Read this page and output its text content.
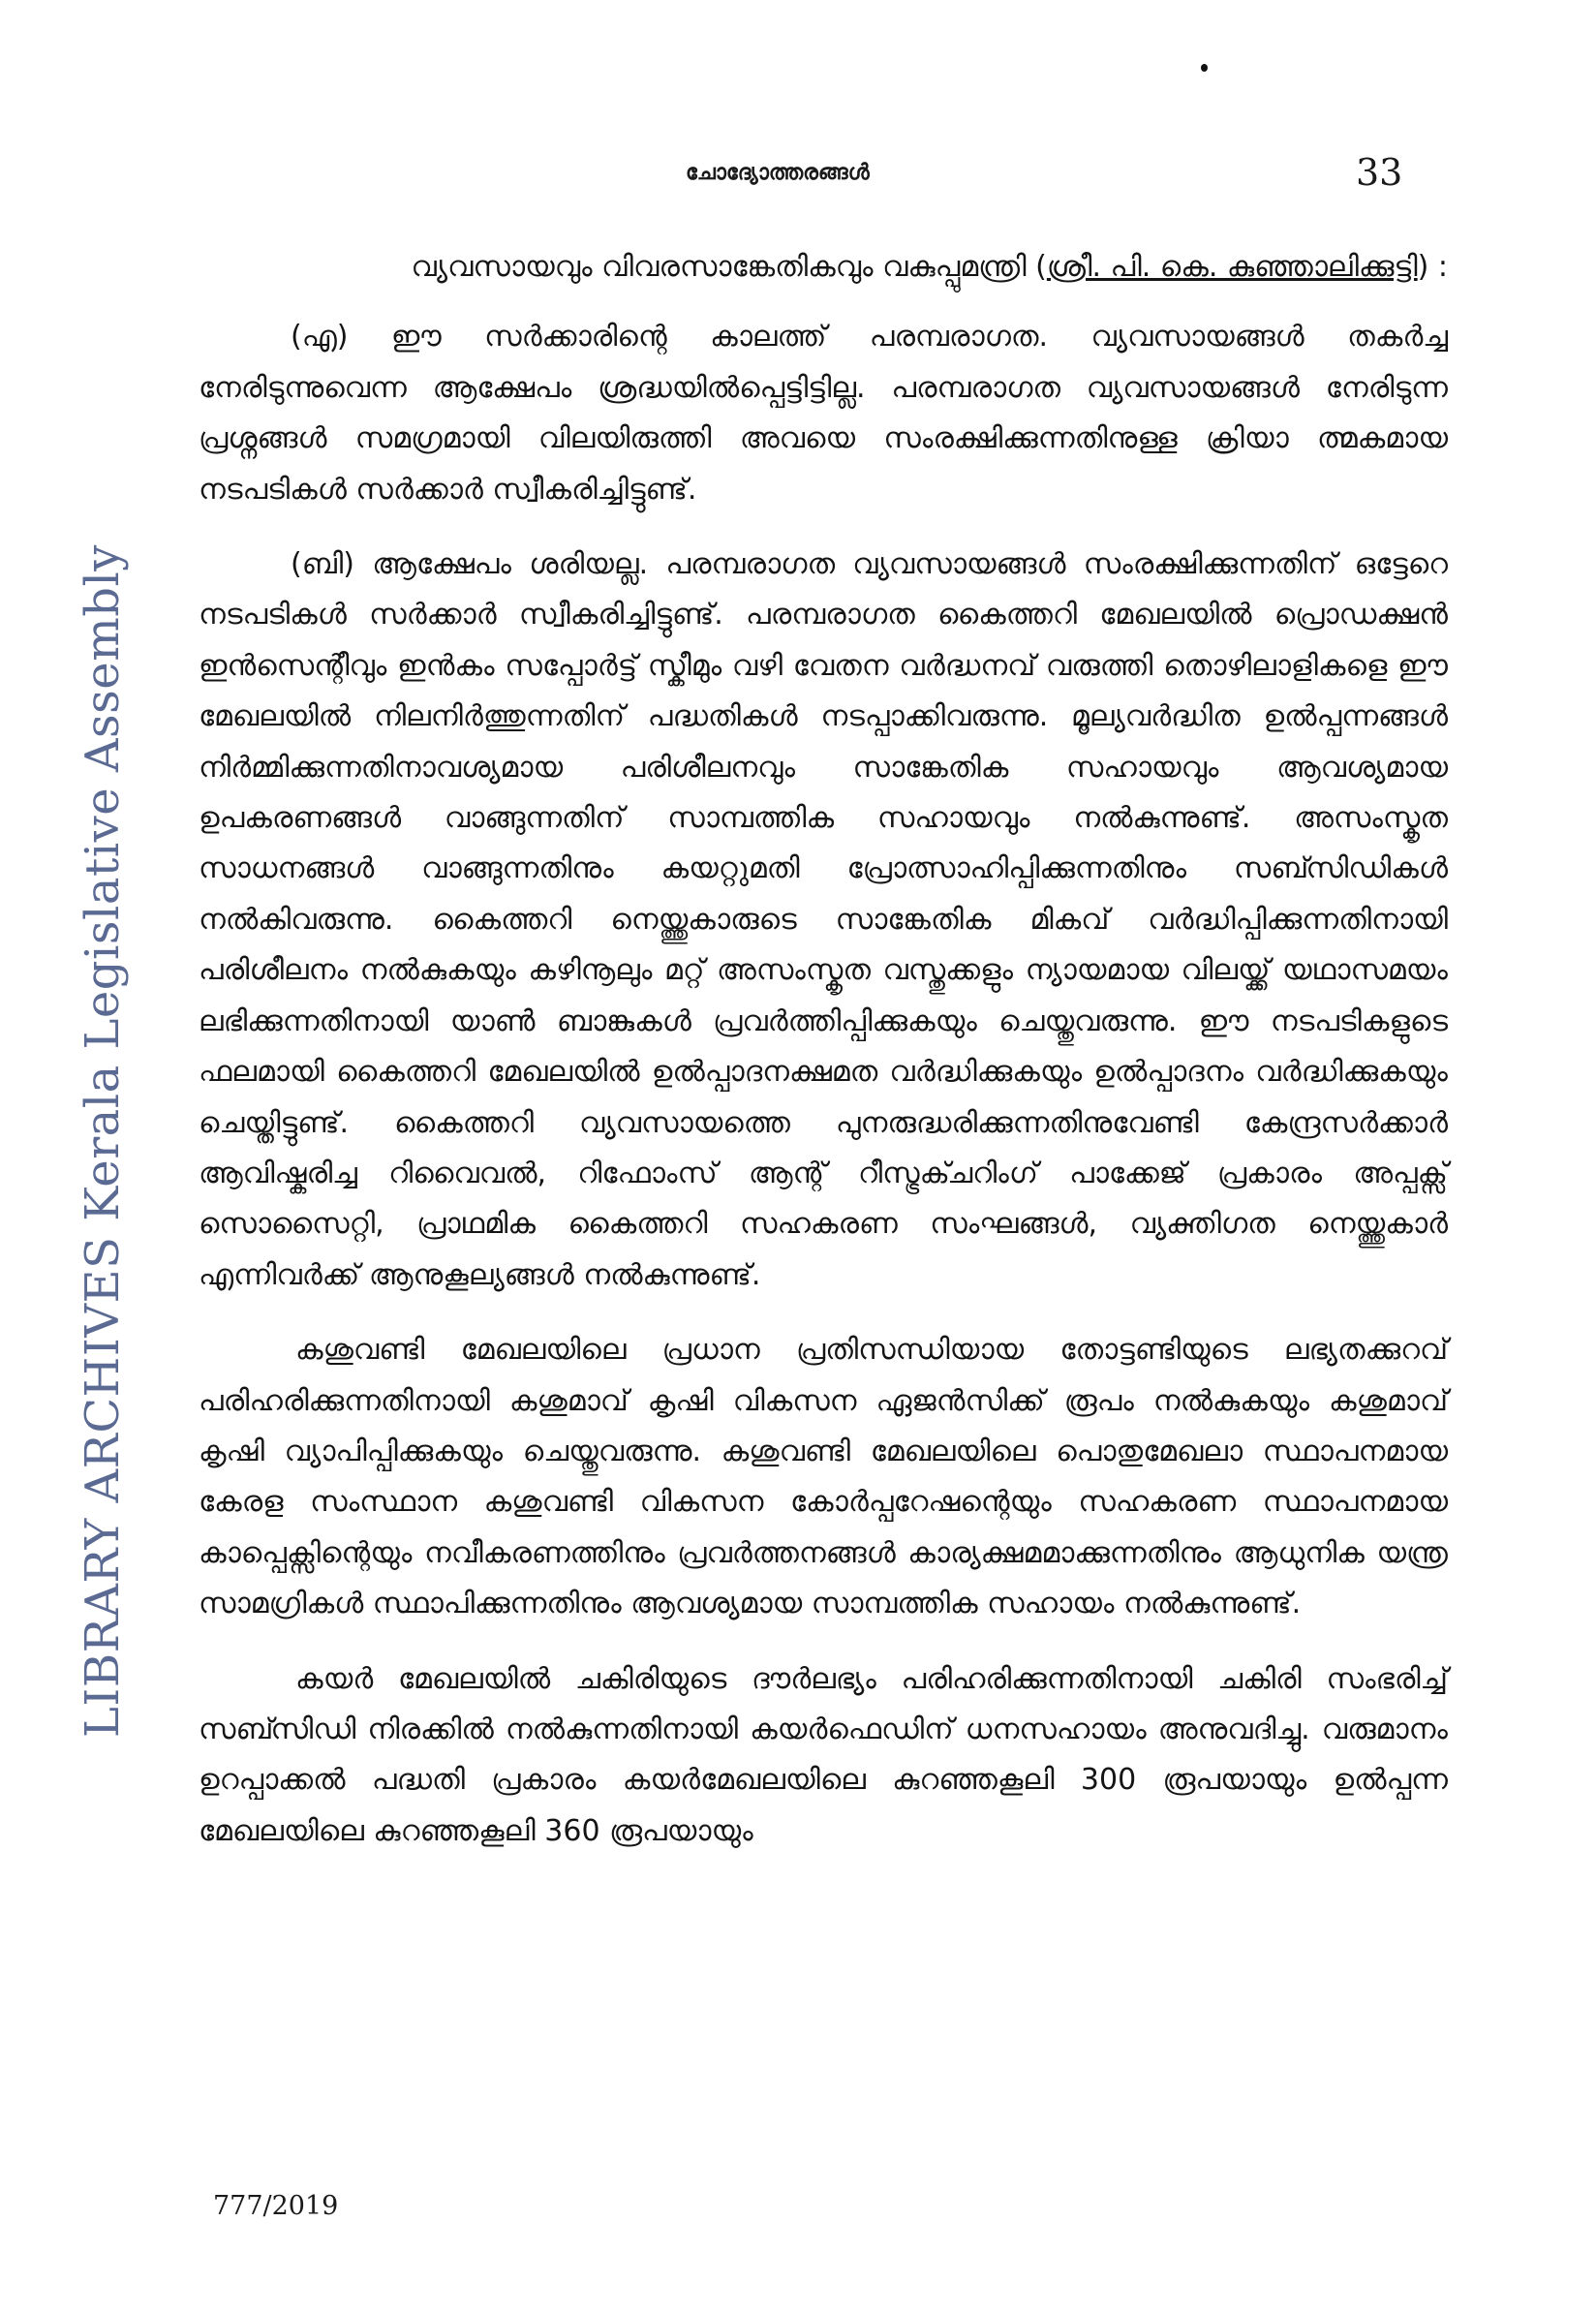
LIBRARY ARCHIVES Kerala Legislative Assembly
ചോദ്യോത്തരങ്ങൾ	33

വ്യവസായവും വിവരസാങ്കേതികവും വകുപ്പുമന്ത്രി (ശ്രീ. പി. കെ. കുഞ്ഞാലിക്കുട്ടി) :

(എ) ഈ സർക്കാരിന്റെ കാലത്ത് പരമ്പരാഗത. വ്യവസായങ്ങൾ തകർച്ച നേരിടുന്നുവെന്ന ആക്ഷേപം ശ്രദ്ധയിൽപ്പെട്ടിട്ടില്ല. പരമ്പരാഗത വ്യവസായങ്ങൾ നേരിടുന്ന പ്രശ്നങ്ങൾ സമഗ്രമായി വിലയിരുത്തി അവയെ സംരക്ഷിക്കുന്നതിനുള്ള ക്രിയാ ത്മകമായ നടപടികൾ സർക്കാർ സ്വീകരിച്ചിട്ടുണ്ട്.

(ബി) ആക്ഷേപം ശരിയല്ല. പരമ്പരാഗത വ്യവസായങ്ങൾ സംരക്ഷിക്കുന്നതിന് ഒട്ടേറെ നടപടികൾ സർക്കാർ സ്വീകരിച്ചിട്ടുണ്ട്. പരമ്പരാഗത കൈത്തറി മേഖലയിൽ പ്രൊഡക്ഷൻ ഇൻസെന്റീവും ഇൻകം സപ്പോർട്ട് സ്കീമും വഴി വേതന വർദ്ധനവ് വരുത്തി തൊഴിലാളികളെ ഈ മേഖലയിൽ നിലനിർത്തുന്നതിന് പദ്ധതികൾ നടപ്പാക്കിവരുന്നു. മൂല്യവർദ്ധിത ഉൽപ്പന്നങ്ങൾ നിർമ്മിക്കുന്നതിനാവശ്യമായ പരിശീലനവും സാങ്കേതിക സഹായവും ആവശ്യമായ ഉപകരണങ്ങൾ വാങ്ങുന്നതിന് സാമ്പത്തിക സഹായവും നൽകുന്നുണ്ട്. അസംസ്കൃത സാധനങ്ങൾ വാങ്ങുന്നതിനും കയറ്റുമതി പ്രോത്സാഹിപ്പിക്കുന്നതിനും സബ്സിഡികൾ നൽകിവരുന്നു. കൈത്തറി നെയ്ത്തുകാരുടെ സാങ്കേതിക മികവ് വർദ്ധിപ്പിക്കുന്നതിനായി പരിശീലനം നൽകുകയും കഴിനൂലും മറ്റ് അസംസ്കൃത വസ്തുക്കളും ന്യായമായ വിലയ്ക്ക് യഥാസമയം ലഭിക്കുന്നതിനായി യാൺ ബാങ്കുകൾ പ്രവർത്തിപ്പിക്കുകയും ചെയ്തുവരുന്നു. ഈ നടപടികളുടെ ഫലമായി കൈത്തറി മേഖലയിൽ ഉൽപ്പാദനക്ഷമത വർദ്ധിക്കുകയും ഉൽപ്പാദനം വർദ്ധിക്കുകയും ചെയ്തിട്ടുണ്ട്. കൈത്തറി വ്യവസായത്തെ പുനരുദ്ധരിക്കുന്നതിനുവേണ്ടി കേന്ദ്രസർക്കാർ ആവിഷ്കരിച്ച റിവൈവൽ, റിഫോംസ് ആന്റ് റീസ്ട്രക്ചറിംഗ് പാക്കേജ് പ്രകാരം അപ്പക്സ് സൊസൈറ്റി, പ്രാഥമിക കൈത്തറി സഹകരണ സംഘങ്ങൾ, വ്യക്തിഗത നെയ്ത്തുകാർ എന്നിവർക്ക് ആനുകൂല്യങ്ങൾ നൽകുന്നുണ്ട്.

കശുവണ്ടി മേഖലയിലെ പ്രധാന പ്രതിസന്ധിയായ തോട്ടണ്ടിയുടെ ലഭ്യതക്കുറവ് പരിഹരിക്കുന്നതിനായി കശുമാവ് കൃഷി വികസന ഏജൻസിക്ക് രൂപം നൽകുകയും കശുമാവ് കൃഷി വ്യാപിപ്പിക്കുകയും ചെയ്തുവരുന്നു. കശുവണ്ടി മേഖലയിലെ പൊതുമേഖലാ സ്ഥാപനമായ കേരള സംസ്ഥാന കശുവണ്ടി വികസന കോർപ്പറേഷന്റെയും സഹകരണ സ്ഥാപനമായ കാപ്പെക്സിന്റെയും നവീകരണത്തിനും പ്രവർത്തനങ്ങൾ കാര്യക്ഷമമാക്കുന്നതിനും ആധുനിക യന്ത്ര സാമഗ്രികൾ സ്ഥാപിക്കുന്നതിനും ആവശ്യമായ സാമ്പത്തിക സഹായം നൽകുന്നുണ്ട്.

കയർ മേഖലയിൽ ചകിരിയുടെ ദൗർലഭ്യം പരിഹരിക്കുന്നതിനായി ചകിരി സംഭരിച്ച് സബ്സിഡി നിരക്കിൽ നൽകുന്നതിനായി കയർഫെഡിന് ധനസഹായം അനുവദിച്ചു. വരുമാനം ഉറപ്പാക്കൽ പദ്ധതി പ്രകാരം കയർമേഖലയിലെ കുറഞ്ഞകൂലി 300 രൂപയായും ഉൽപ്പന്ന മേഖലയിലെ കുറഞ്ഞകൂലി 360 രൂപയായും

777/2019
